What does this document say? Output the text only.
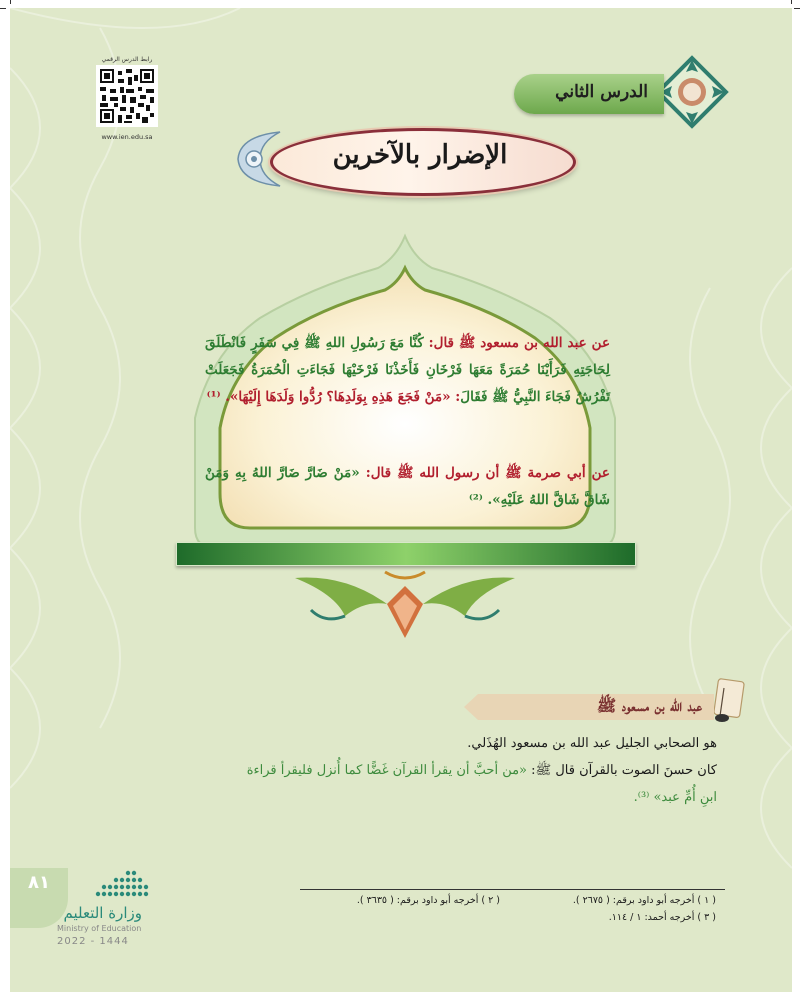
رابط الدرس الرقمي
www.ien.edu.sa
الدرس الثاني
الإضرار بالآخرين
عن عبد الله بن مسعود ﷺ قال: كُنَّا مَعَ رَسُولِ اللهِ ﷺ فِي سَفَرٍ فَانْطَلَقَ لِحَاجَتِهِ فَرَأَيْنَا حُمَرَةً مَعَهَا فَرْخَانِ فَأَخَذْنَا فَرْخَيْهَا فَجَاءَتِ الْحُمَرَةُ فَجَعَلَتْ تَفْرُشُ فَجَاءَ النَّبِيُّ ﷺ فَقَالَ: «مَنْ فَجَعَ هَذِهِ بِوَلَدِهَا؟ رُدُّوا وَلَدَهَا إِلَيْهَا». ⁽¹⁾
عن أبي صرمة ﷺ أن رسول الله ﷺ قال: «مَنْ ضَارَّ ضَارَّ اللهُ بِهِ وَمَنْ شَاقَّ شَاقَّ اللهُ عَلَيْهِ». ⁽²⁾
عبد الله بن مسعود ﷺ
هو الصحابي الجليل عبد الله بن مسعود الهُذَلي.
كان حسنَ الصوت بالقرآن قال ﷺ: «من أحبَّ أن يقرأ القرآن غَضًّا كما أُنزل فليقرأ قراءة
ابنِ أُمِّ عبد» ⁽³⁾.
( ١ ) أخرجه أبو داود برقم: ( ٢٦٧٥ ).
( ٢ ) أخرجه أبو داود برقم: ( ٣٦٣٥ ).
( ٣ ) أخرجه أحمد: ١ / ١١٤.
٨١
وزارة التعليم
Ministry of Education
2022 - 1444
